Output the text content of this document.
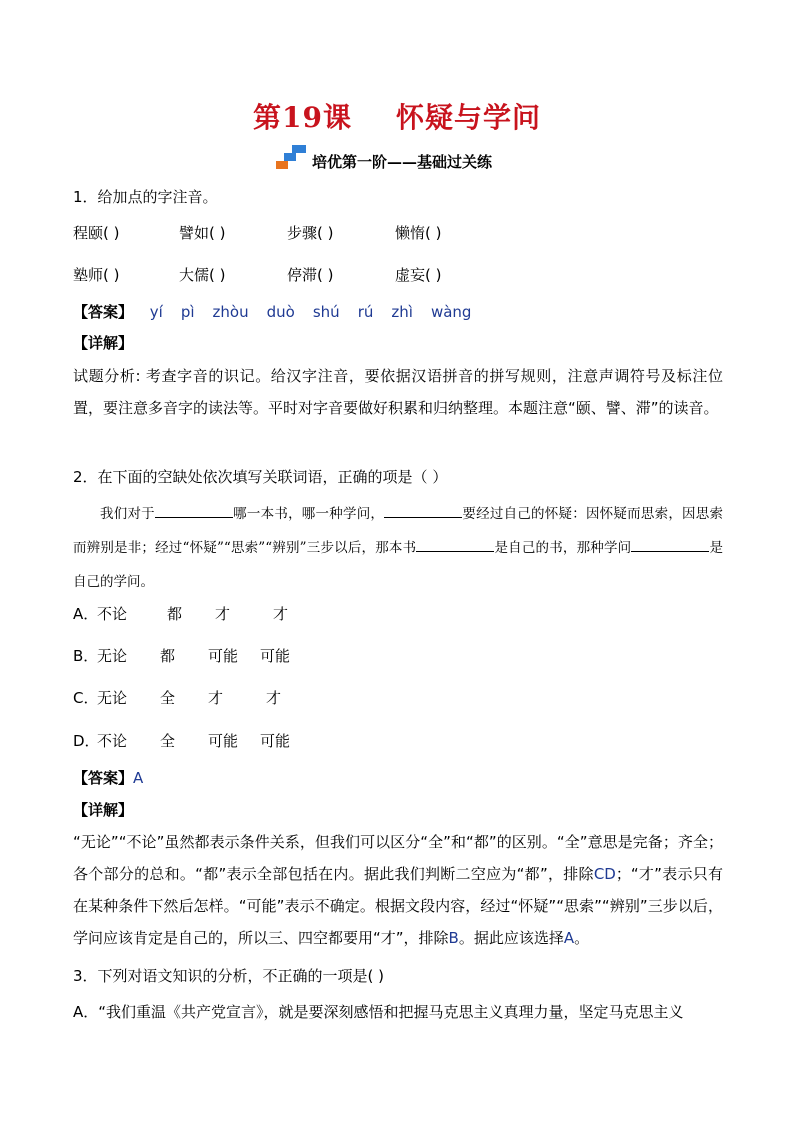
第19课 怀疑与学问
培优第一阶——基础过关练
1．给加点的字注音。
程颐( )	譬如( )	步骤( )	懒惰( )
塾师( )	大儒( )	停滞( )	虚妄( )
【答案】 yí pì zhòu duò shú rú zhì wàng
【详解】
试题分析: 考查字音的识记。给汉字注音，要依据汉语拼音的拼写规则，注意声调符号及标注位置，要注意多音字的读法等。平时对字音要做好积累和归纳整理。本题注意“颐、譬、滞”的读音。
2．在下面的空缺处依次填写关联词语，正确的项是（ ）
我们对于	哪一本书，哪一种学问，	要经过自己的怀疑：因怀疑而思索，因思索而辨别是非；经过“怀疑”“思索”“辨别”三步以后，那本书	是自己的书，那种学问	是自己的学问。
A．不论	都 才	才
B．无论 都 可能 可能
C．无论 全 才	才
D．不论 全 可能 可能
【答案】A
【详解】
“无论”“不论”虽然都表示条件关系，但我们可以区分“全”和“都”的区别。“全”意思是完备；齐全；各个部分的总和。“都”表示全部包括在内。据此我们判断二空应为“都”，排除CD；“才”表示只有在某种条件下然后怎样。“可能”表示不确定。根据文段内容，经过“怀疑”“思索”“辨别”三步以后，学问应该肯定是自己的，所以三、四空都要用“才”，排除B。据此应该选择A。
3．下列对语文知识的分析，不正确的一项是( )
A．“我们重温《共产党宣言》，就是要深刻感悟和把握马克思主义真理力量，坚定马克思主义
